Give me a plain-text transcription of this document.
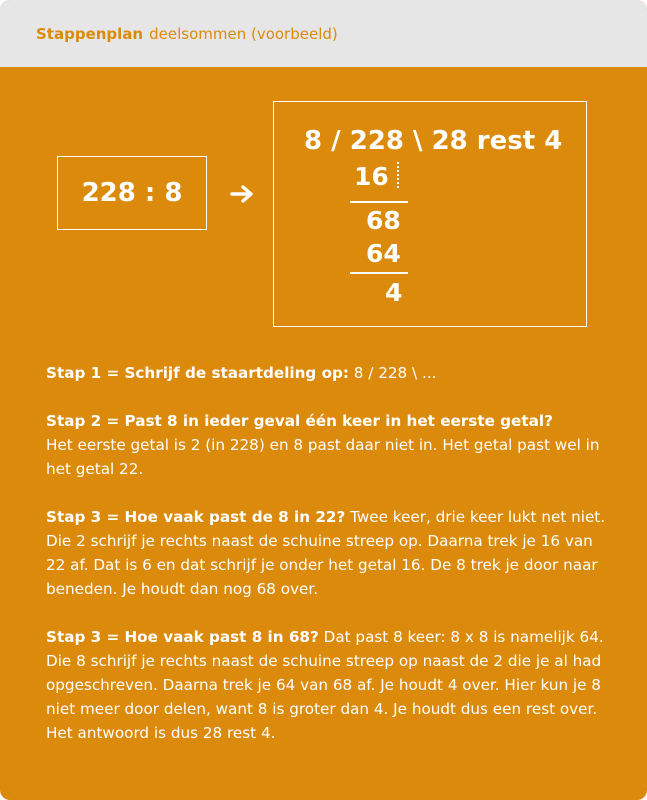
Stappenplan deelsommen (voorbeeld)
228 : 8
8 / 228 \ 28 rest 4
16
68
64
4

Stap 1 = Schrijf de staartdeling op: 8 / 228 \ ...

Stap 2 = Past 8 in ieder geval één keer in het eerste getal?
Het eerste getal is 2 (in 228) en 8 past daar niet in. Het getal past wel in het getal 22.

Stap 3 = Hoe vaak past de 8 in 22? Twee keer, drie keer lukt net niet. Die 2 schrijf je rechts naast de schuine streep op. Daarna trek je 16 van 22 af. Dat is 6 en dat schrijf je onder het getal 16. De 8 trek je door naar beneden. Je houdt dan nog 68 over.

Stap 3 = Hoe vaak past 8 in 68? Dat past 8 keer: 8 x 8 is namelijk 64. Die 8 schrijf je rechts naast de schuine streep op naast de 2 die je al had opgeschreven. Daarna trek je 64 van 68 af. Je houdt 4 over. Hier kun je 8 niet meer door delen, want 8 is groter dan 4. Je houdt dus een rest over. Het antwoord is dus 28 rest 4.
